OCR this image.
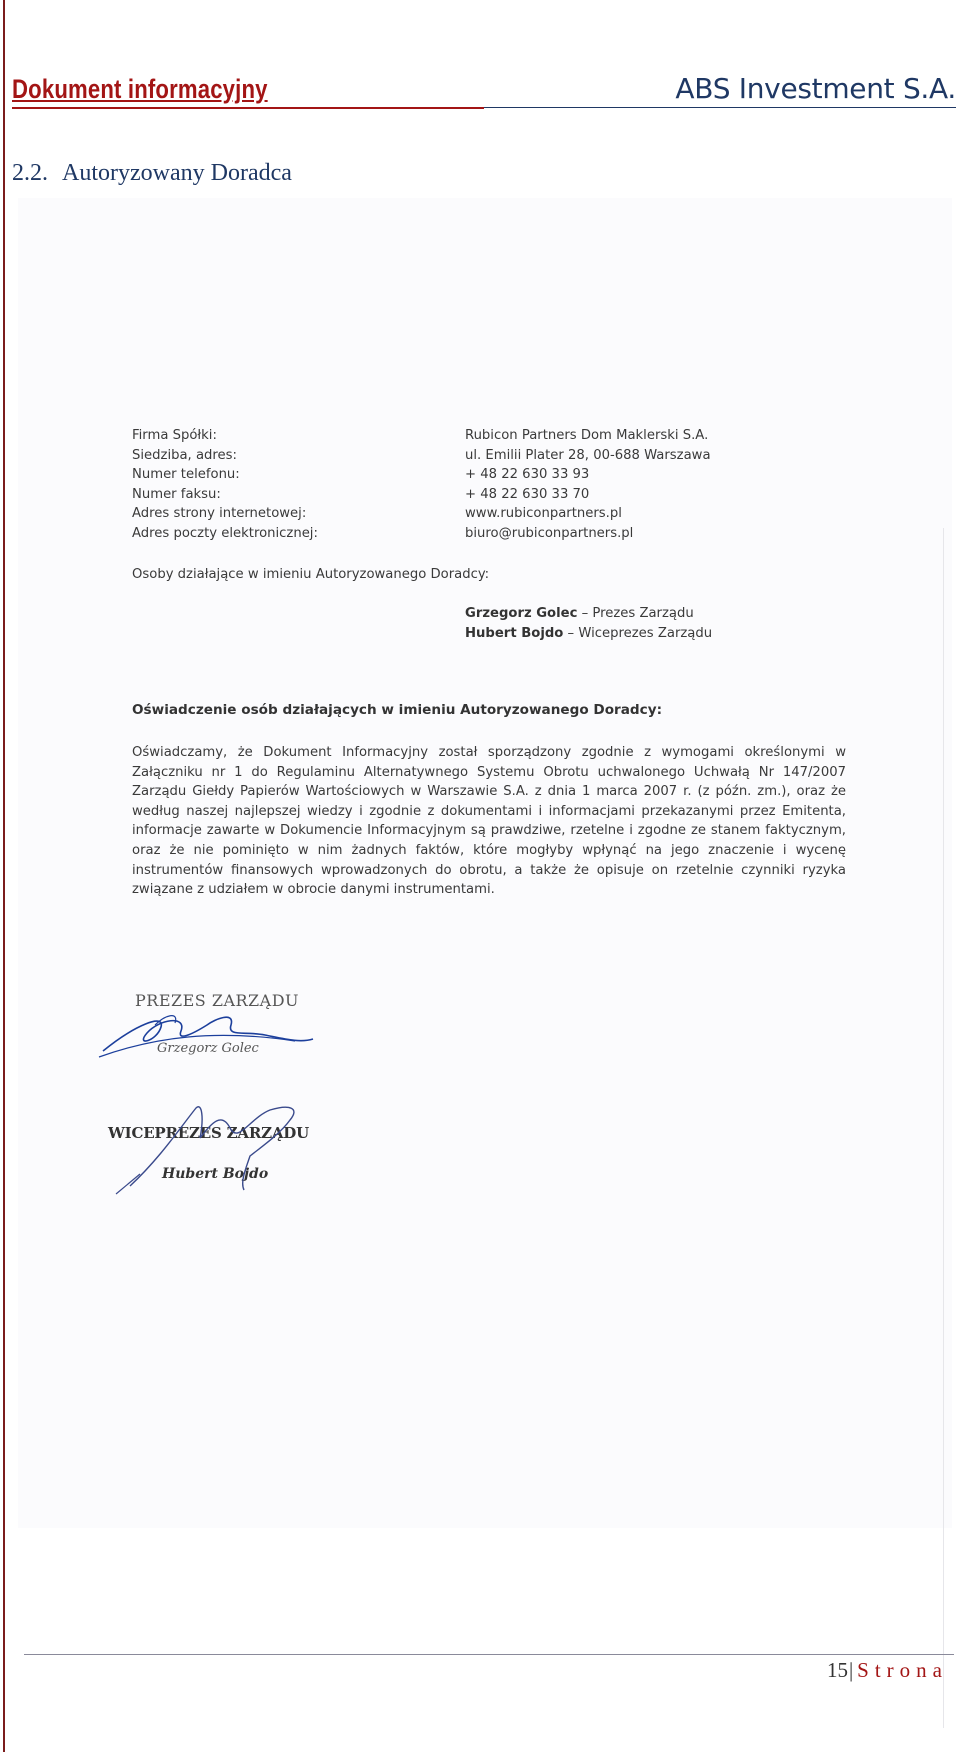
Dokument informacyjny	ABS Investment S.A.
2.2. Autoryzowany Doradca
Firma Spółki:	Rubicon Partners Dom Maklerski S.A.
Siedziba, adres:	ul. Emilii Plater 28, 00-688 Warszawa
Numer telefonu:	+ 48 22 630 33 93
Numer faksu:	+ 48 22 630 33 70
Adres strony internetowej:	www.rubiconpartners.pl
Adres poczty elektronicznej:	biuro@rubiconpartners.pl
Osoby działające w imieniu Autoryzowanego Doradcy:
Grzegorz Golec – Prezes Zarządu
Hubert Bojdo – Wiceprezes Zarządu
Oświadczenie osób działających w imieniu Autoryzowanego Doradcy:
Oświadczamy, że Dokument Informacyjny został sporządzony zgodnie z wymogami określonymi w Załączniku nr 1 do Regulaminu Alternatywnego Systemu Obrotu uchwalonego Uchwałą Nr 147/2007 Zarządu Giełdy Papierów Wartościowych w Warszawie S.A. z dnia 1 marca 2007 r. (z późn. zm.), oraz że według naszej najlepszej wiedzy i zgodnie z dokumentami i informacjami przekazanymi przez Emitenta, informacje zawarte w Dokumencie Informacyjnym są prawdziwe, rzetelne i zgodne ze stanem faktycznym, oraz że nie pominięto w nim żadnych faktów, które mogłyby wpłynąć na jego znaczenie i wycenę instrumentów finansowych wprowadzonych do obrotu, a także że opisuje on rzetelnie czynniki ryzyka związane z udziałem w obrocie danymi instrumentami.
PREZES ZARZĄDU
Grzegorz Golec
WICEPREZES ZARZĄDU
Hubert Bojdo
15| Strona
